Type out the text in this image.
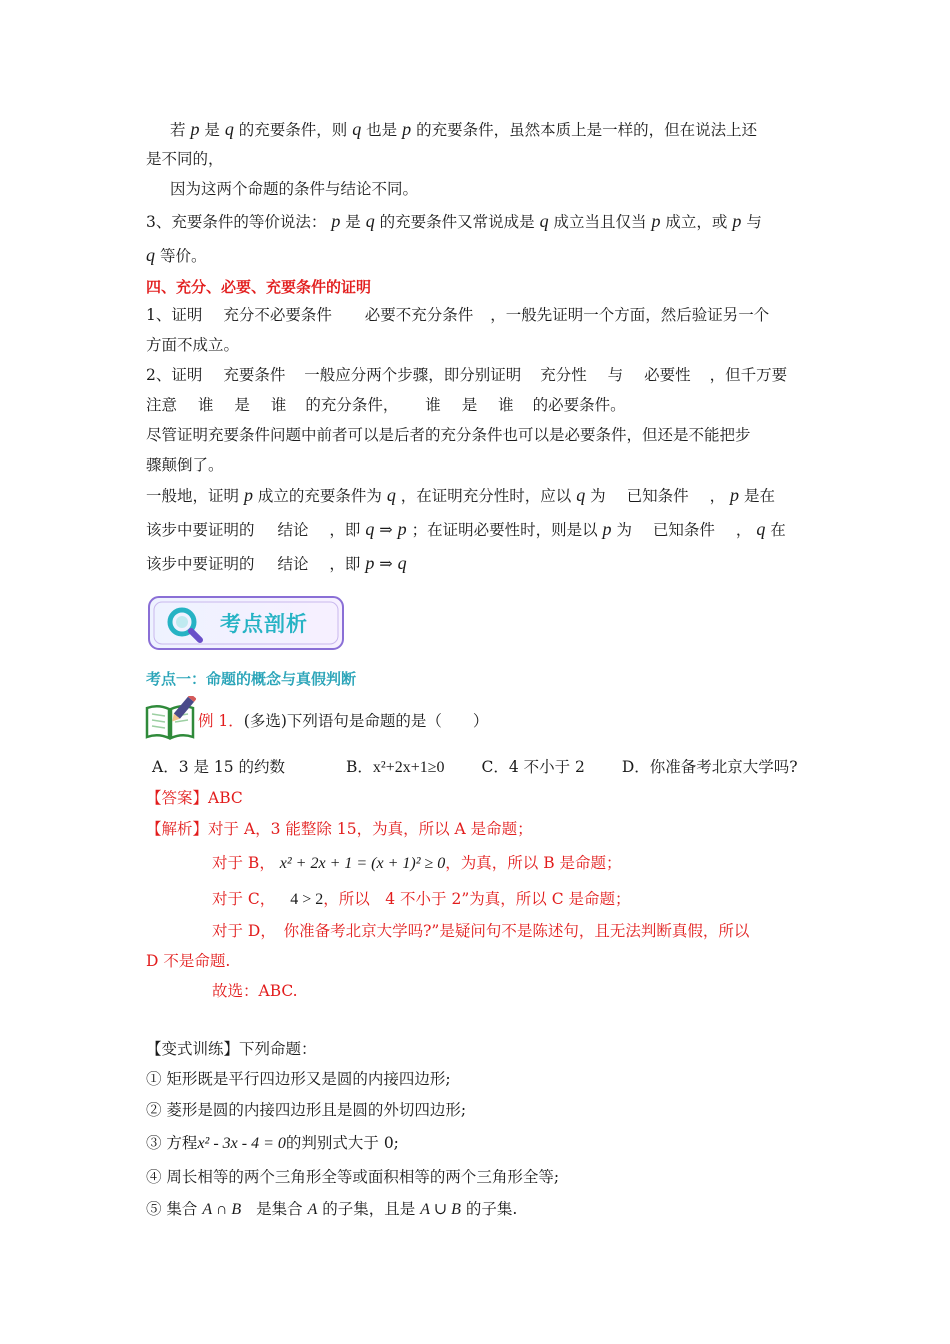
若 p 是 q 的充要条件，则 q 也是 p 的充要条件，虽然本质上是一样的，但在说法上还
是不同的，
因为这两个命题的条件与结论不同。
3、充要条件的等价说法： p 是 q 的充要条件又常说成是 q 成立当且仅当 p 成立，或 p 与
q 等价。
四、充分、必要、充要条件的证明
1、证明 充分不必要条件 必要不充分条件 ，一般先证明一个方面，然后验证另一个
方面不成立。
2、证明 充要条件 一般应分两个步骤，即分别证明 充分性 与 必要性 ，但千万要
注意 谁 是 谁 的充分条件， 谁 是 谁 的必要条件。
尽管证明充要条件问题中前者可以是后者的充分条件也可以是必要条件，但还是不能把步
骤颠倒了。
一般地，证明 p 成立的充要条件为 q ，在证明充分性时，应以 q 为 已知条件 ， p 是在
该步中要证明的 结论 ，即 q ⇒ p ；在证明必要性时，则是以 p 为 已知条件 ， q 在
该步中要证明的 结论 ，即 p ⇒ q
考点剖析
考点一：命题的概念与真假判断
例 1．(多选)下列语句是命题的是（　　）
A．3 是 15 的约数	B．x²+2x+1≥0 C．4 不小于 2 D．你准备考北京大学吗?
【答案】ABC
【解析】对于 A，3 能整除 15，为真，所以 A 是命题；
对于 B， x² + 2x + 1 = (x + 1)² ≥ 0，为真，所以 B 是命题；
对于 C， 4 > 2，所以　4 不小于 2”为真，所以 C 是命题；
对于 D，　你准备考北京大学吗?”是疑问句不是陈述句，且无法判断真假，所以
D 不是命题.
故选：ABC.
【变式训练】下列命题：
① 矩形既是平行四边形又是圆的内接四边形;
② 菱形是圆的内接四边形且是圆的外切四边形;
③ 方程x² - 3x - 4 = 0的判别式大于 0;
④ 周长相等的两个三角形全等或面积相等的两个三角形全等;
⑤ 集合 A ∩ B 是集合 A 的子集，且是 A ∪ B 的子集.
